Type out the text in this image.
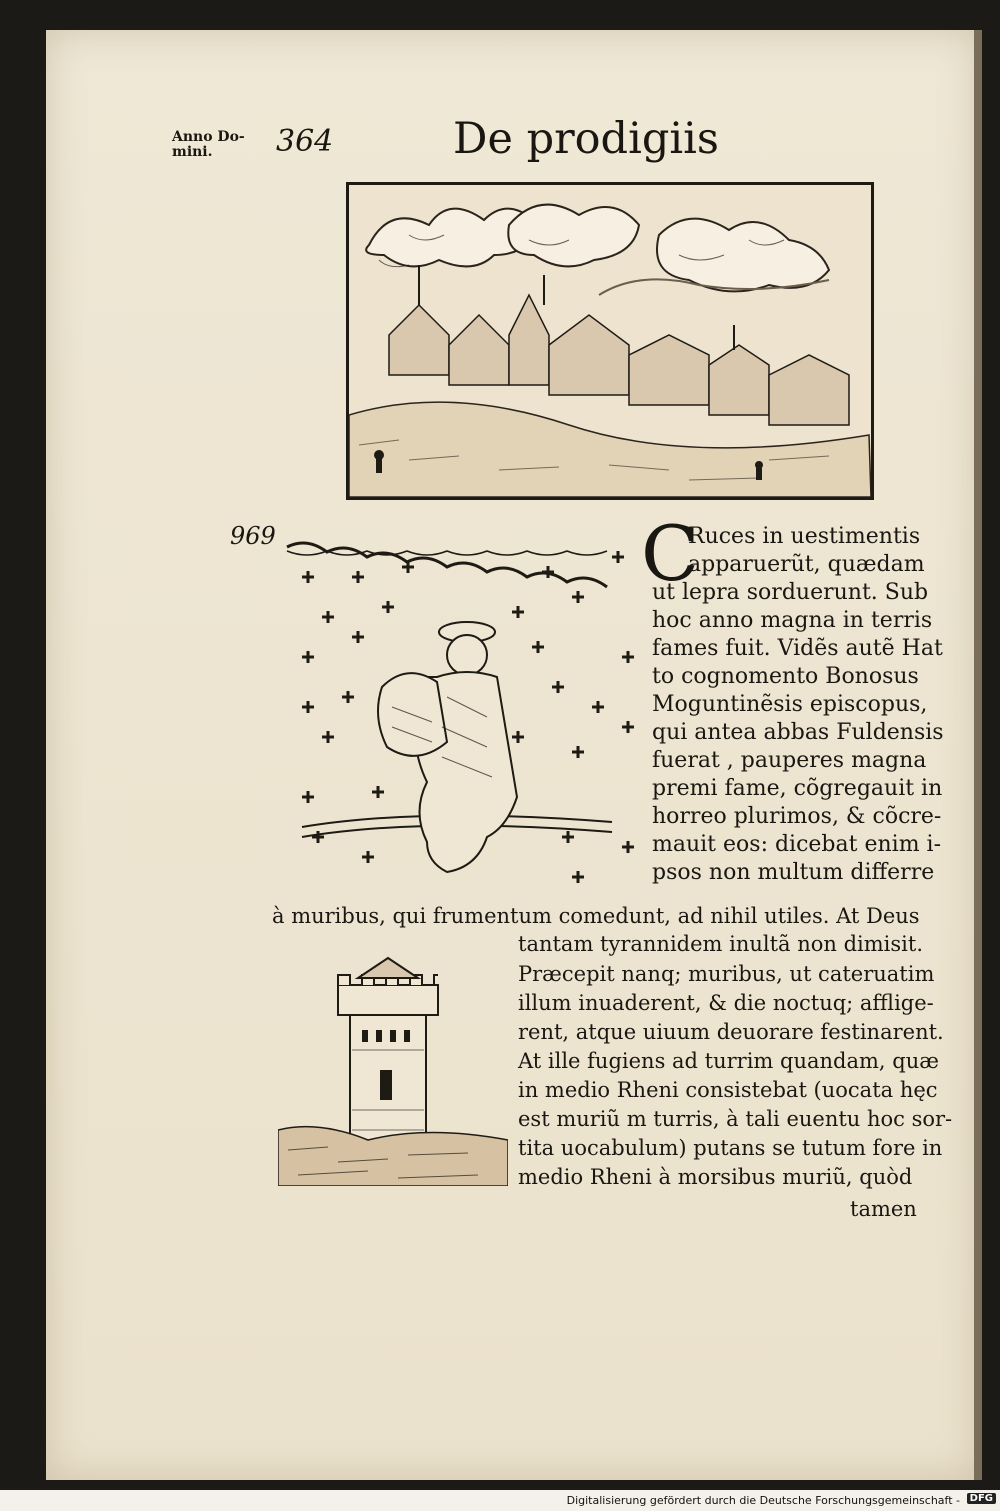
Anno Do-
mini.	364	De prodigiis
969	C
Ruces in uestimentis
apparuerũt, quædam
ut lepra sorduerunt. Sub
hoc anno magna in terris
fames fuit. Vidẽs autẽ Hat
to cognomento Bonosus
Moguntinẽsis episcopus,
qui antea abbas Fuldensis
fuerat , pauperes magna
premi fame, cõgregauit in
horreo plurimos, & cõcre-
mauit eos: dicebat enim i-
psos non multum differre
à muribus, qui frumentum comedunt, ad nihil utiles. At Deus
tantam tyrannidem inultã non dimisit.
Præcepit nanq; muribus, ut cateruatim
illum inuaderent, & die noctuq; afflige-
rent, atque uiuum deuorare festinarent.
At ille fugiens ad turrim quandam, quæ
in medio Rheni consistebat (uocata hęc
est muriũ m turris, à tali euentu hoc sor-
tita uocabulum) putans se tutum fore in
medio Rheni à morsibus muriũ, quòd
tamen
Digitalisierung gefördert durch die Deutsche Forschungsgemeinschaft - DFG
